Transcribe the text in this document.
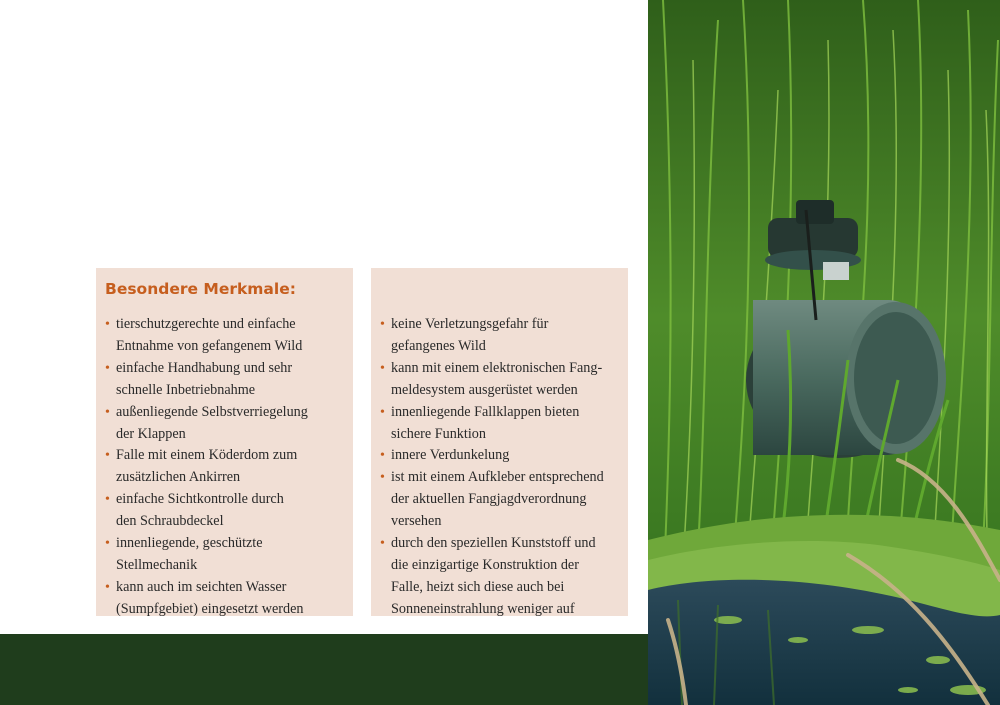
Besondere Merkmale:
• tierschutzgerechte und einfache
Entnahme von gefangenem Wild
• einfache Handhabung und sehr
schnelle Inbetriebnahme
• außenliegende Selbstverriegelung
der Klappen
• Falle mit einem Köderdom zum
zusätzlichen Ankirren
• einfache Sichtkontrolle durch
den Schraubdeckel
• innenliegende, geschützte
Stellmechanik
• kann auch im seichten Wasser
(Sumpfgebiet) eingesetzt werden
• keine Verletzungsgefahr für
gefangenes Wild
• kann mit einem elektronischen Fang-
meldesystem ausgerüstet werden
• innenliegende Fallklappen bieten
sichere Funktion
• innere Verdunkelung
• ist mit einem Aufkleber entsprechend
der aktuellen Fangjagdverordnung
versehen
• durch den speziellen Kunststoff und
die einzigartige Konstruktion der
Falle, heizt sich diese auch bei
Sonneneinstrahlung weniger auf
